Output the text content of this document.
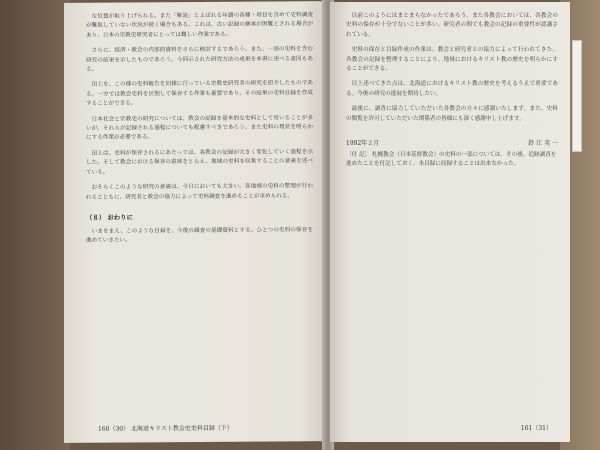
な位置が取り上げられる。また「解説」とよばれる年譜の各種・項目を含めて史料調査が難航していない状況が続く場合もある。これは、古い記録の継承が困難とされる場合があり、日本の宗教史研究者にとっては難しい作業である。

さらに、経済・教会の内部的資料をさらに検討するであろう。また、一部の史料を含む研究の結果を示したものであろう。今回示された研究方法の成果を本書に述べる意図もある。

田上を、この種の史料報告を同様に行っている宗教史研究者の研究を紹介したものである。一方では教会史料を区別して保存する作業も重要であり、その結果の史料目録を作成することができる。

日本社会と宗教史の研究については、教会の記録を基本的な史料として用いることが多いが、それらが記録される過程についても配慮すべきであろう。また史料の現状を明らかにする作業が必要である。

田上は、史料が保存されるにあたっては、各教会の記録が大きく変化していく過程を示した。そして教会における保存の意味をとらえ、地域の史料を収集することの意義を述べている。

おそらくこのような研究の意義は、今日においても大きい。各地域の史料の整理が行われるとともに、研究者と教会の協力によって史料調査を進めることが求められる。

（８） おわりに

いまをまえ、このような目録を、今後の調査の基礎資料とする。ひとつの史料の保存を進めていきたい。

160（30） 北海道キリスト教会史史料目録（下）

以前このようにはまとまらなかったであろう。また各教会においては、各教会の史料の保存が十分でないことが多い。研究者の間でも教会の記録の重要性が認識されている。

史料の保存と目録作成の作業は、教会と研究者との協力によって行われてきた。各教会の記録を整理することにより、地域におけるキリスト教の歴史を明らかにすることができる。

以上述べてきた点は、北海道におけるキリスト教の歴史を考えるうえで重要である。今後の研究の進展を期待したい。

最後に、調査に協力していただいた各教会の方々に感謝いたします。また、史料の閲覧を許可していただいた関係者の皆様にも深く感謝申し上げます。

1992年２月	鈴 江 英 一
〔付 記〕 札幌教会（日本基督教会）の史料の一部については、その後、追跡調査を進めたことを付記しておく。本目録に収録することは出来なかった。
161（31）
